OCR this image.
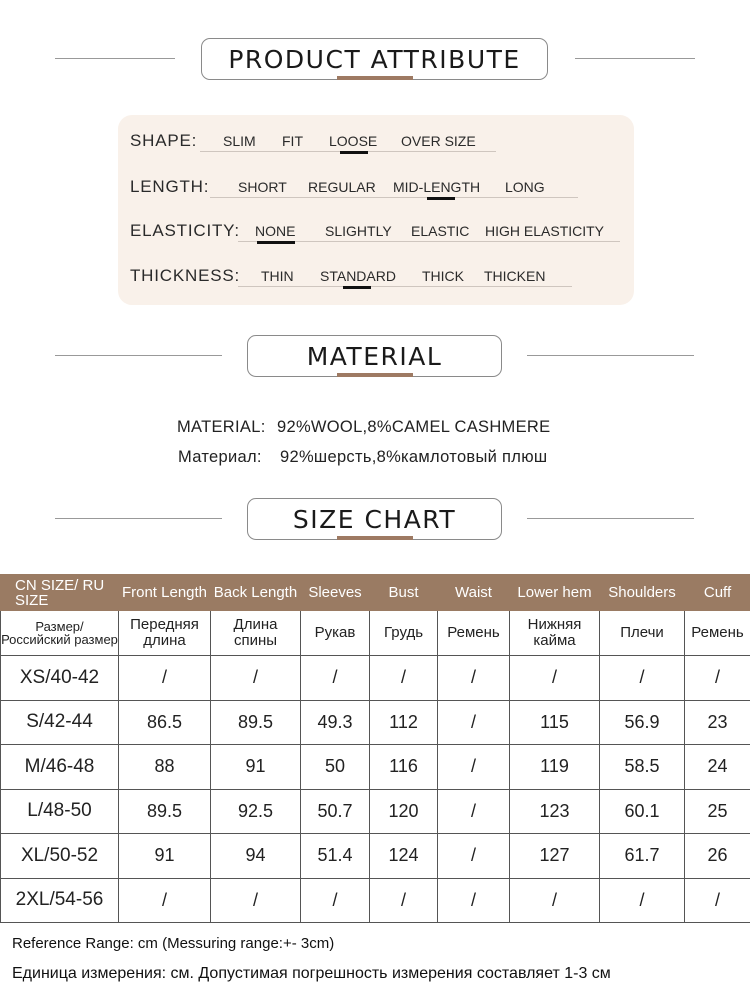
PRODUCT ATTRIBUTE
SHAPE: SLIM FIT LOOSE OVER SIZE
LENGTH: SHORT REGULAR MID-LENGTH LONG
ELASTICITY: NONE SLIGHTLY ELASTIC HIGH ELASTICITY
THICKNESS: THIN STANDARD THICK THICKEN
MATERIAL
MATERIAL: 92%WOOL,8%CAMEL CASHMERE
Материал: 92%шерсть,8%камлотовый плюш
SIZE CHART
CN SIZE/ RU SIZE	Front Length	Back Length	Sleeves	Bust	Waist	Lower hem	Shoulders	Cuff
Размер/ Российский размер	Передняя длина	Длина спины	Рукав	Грудь	Ремень	Нижняя кайма	Плечи	Ремень
XS/40-42	/	/	/	/	/	/	/	/
S/42-44	86.5	89.5	49.3	112	/	115	56.9	23
M/46-48	88	91	50	116	/	119	58.5	24
L/48-50	89.5	92.5	50.7	120	/	123	60.1	25
XL/50-52	91	94	51.4	124	/	127	61.7	26
2XL/54-56	/	/	/	/	/	/	/	/
Reference Range: cm (Messuring range:+- 3cm)
Единица измерения: см. Допустимая погрешность измерения составляет 1-3 см
